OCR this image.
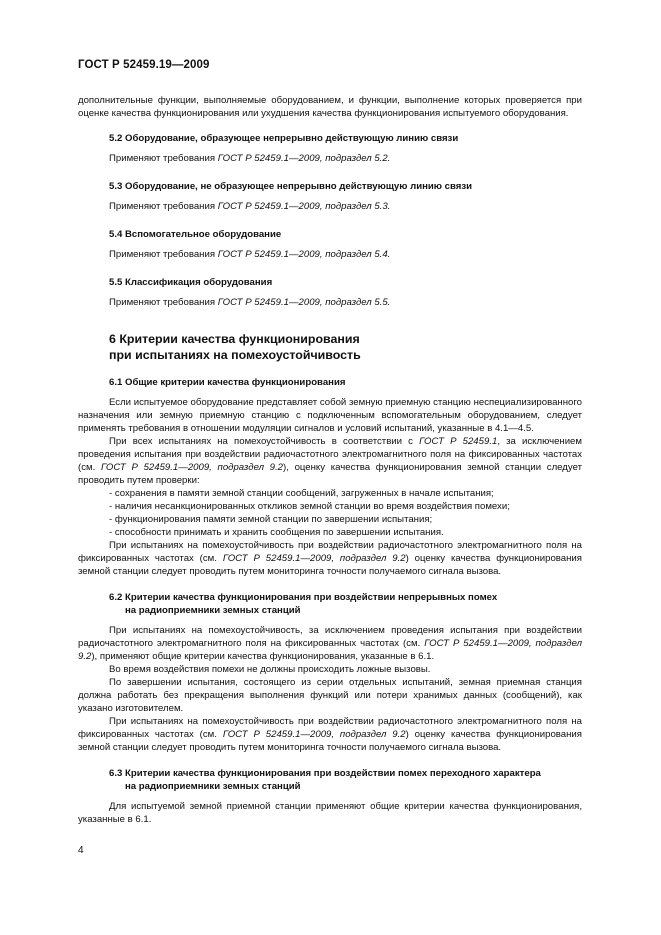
ГОСТ Р 52459.19—2009

дополнительные функции, выполняемые оборудованием, и функции, выполнение которых проверяется при оценке качества функционирования или ухудшения качества функционирования испытуемого оборудования.

5.2 Оборудование, образующее непрерывно действующую линию связи

Применяют требования ГОСТ Р 52459.1—2009, подраздел 5.2.

5.3 Оборудование, не образующее непрерывно действующую линию связи

Применяют требования ГОСТ Р 52459.1—2009, подраздел 5.3.

5.4 Вспомогательное оборудование

Применяют требования ГОСТ Р 52459.1—2009, подраздел 5.4.

5.5 Классификация оборудования

Применяют требования ГОСТ Р 52459.1—2009, подраздел 5.5.

6 Критерии качества функционирования

при испытаниях на помехоустойчивость

6.1 Общие критерии качества функционирования

Если испытуемое оборудование представляет собой земную приемную станцию неспециализированного назначения или земную приемную станцию с подключенным вспомогательным оборудованием, следует применять требования в отношении модуляции сигналов и условий испытаний, указанные в 4.1—4.5.

При всех испытаниях на помехоустойчивость в соответствии с ГОСТ Р 52459.1, за исключением проведения испытания при воздействии радиочастотного электромагнитного поля на фиксированных частотах (см. ГОСТ Р 52459.1—2009, подраздел 9.2), оценку качества функционирования земной станции следует проводить путем проверки:

- сохранения в памяти земной станции сообщений, загруженных в начале испытания;

- наличия несанкционированных откликов земной станции во время воздействия помехи;

- функционирования памяти земной станции по завершении испытания;

- способности принимать и хранить сообщения по завершении испытания.

При испытаниях на помехоустойчивость при воздействии радиочастотного электромагнитного поля на фиксированных частотах (см. ГОСТ Р 52459.1—2009, подраздел 9.2) оценку качества функционирования земной станции следует проводить путем мониторинга точности получаемого сигнала вызова.

6.2 Критерии качества функционирования при воздействии непрерывных помех

на радиоприемники земных станций

При испытаниях на помехоустойчивость, за исключением проведения испытания при воздействии радиочастотного электромагнитного поля на фиксированных частотах (см. ГОСТ Р 52459.1—2009, подраздел 9.2), применяют общие критерии качества функционирования, указанные в 6.1.

Во время воздействия помехи не должны происходить ложные вызовы.

По завершении испытания, состоящего из серии отдельных испытаний, земная приемная станция должна работать без прекращения выполнения функций или потери хранимых данных (сообщений), как указано изготовителем.

При испытаниях на помехоустойчивость при воздействии радиочастотного электромагнитного поля на фиксированных частотах (см. ГОСТ Р 52459.1—2009, подраздел 9.2) оценку качества функционирования земной станции следует проводить путем мониторинга точности получаемого сигнала вызова.

6.3 Критерии качества функционирования при воздействии помех переходного характера

на радиоприемники земных станций

Для испытуемой земной приемной станции применяют общие критерии качества функционирования, указанные в 6.1.

4
